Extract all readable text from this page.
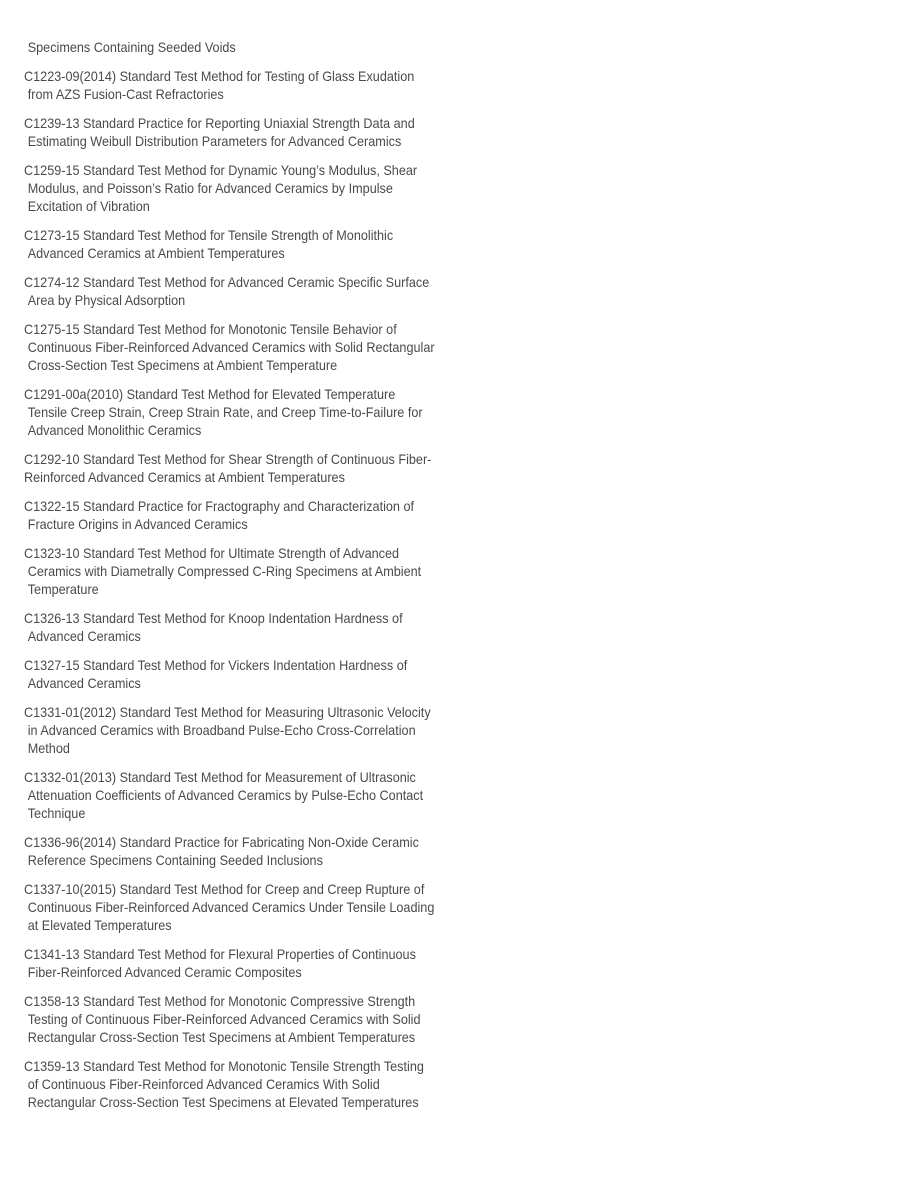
Specimens Containing Seeded Voids
C1223-09(2014) Standard Test Method for Testing of Glass Exudation
from AZS Fusion-Cast Refractories
C1239-13 Standard Practice for Reporting Uniaxial Strength Data and
Estimating Weibull Distribution Parameters for Advanced Ceramics
C1259-15 Standard Test Method for Dynamic Young’s Modulus, Shear
Modulus, and Poisson’s Ratio for Advanced Ceramics by Impulse
Excitation of Vibration
C1273-15 Standard Test Method for Tensile Strength of Monolithic
Advanced Ceramics at Ambient Temperatures
C1274-12 Standard Test Method for Advanced Ceramic Specific Surface
Area by Physical Adsorption
C1275-15 Standard Test Method for Monotonic Tensile Behavior of
Continuous Fiber-Reinforced Advanced Ceramics with Solid Rectangular
Cross-Section Test Specimens at Ambient Temperature
C1291-00a(2010) Standard Test Method for Elevated Temperature
Tensile Creep Strain, Creep Strain Rate, and Creep Time-to-Failure for
Advanced Monolithic Ceramics
C1292-10 Standard Test Method for Shear Strength of Continuous Fiber-
Reinforced Advanced Ceramics at Ambient Temperatures
C1322-15 Standard Practice for Fractography and Characterization of
Fracture Origins in Advanced Ceramics
C1323-10 Standard Test Method for Ultimate Strength of Advanced
Ceramics with Diametrally Compressed C-Ring Specimens at Ambient
Temperature
C1326-13 Standard Test Method for Knoop Indentation Hardness of
Advanced Ceramics
C1327-15 Standard Test Method for Vickers Indentation Hardness of
Advanced Ceramics
C1331-01(2012) Standard Test Method for Measuring Ultrasonic Velocity
in Advanced Ceramics with Broadband Pulse-Echo Cross-Correlation
Method
C1332-01(2013) Standard Test Method for Measurement of Ultrasonic
Attenuation Coefficients of Advanced Ceramics by Pulse-Echo Contact
Technique
C1336-96(2014) Standard Practice for Fabricating Non-Oxide Ceramic
Reference Specimens Containing Seeded Inclusions
C1337-10(2015) Standard Test Method for Creep and Creep Rupture of
Continuous Fiber-Reinforced Advanced Ceramics Under Tensile Loading
at Elevated Temperatures
C1341-13 Standard Test Method for Flexural Properties of Continuous
Fiber-Reinforced Advanced Ceramic Composites
C1358-13 Standard Test Method for Monotonic Compressive Strength
Testing of Continuous Fiber-Reinforced Advanced Ceramics with Solid
Rectangular Cross-Section Test Specimens at Ambient Temperatures
C1359-13 Standard Test Method for Monotonic Tensile Strength Testing
of Continuous Fiber-Reinforced Advanced Ceramics With Solid
Rectangular Cross-Section Test Specimens at Elevated Temperatures
